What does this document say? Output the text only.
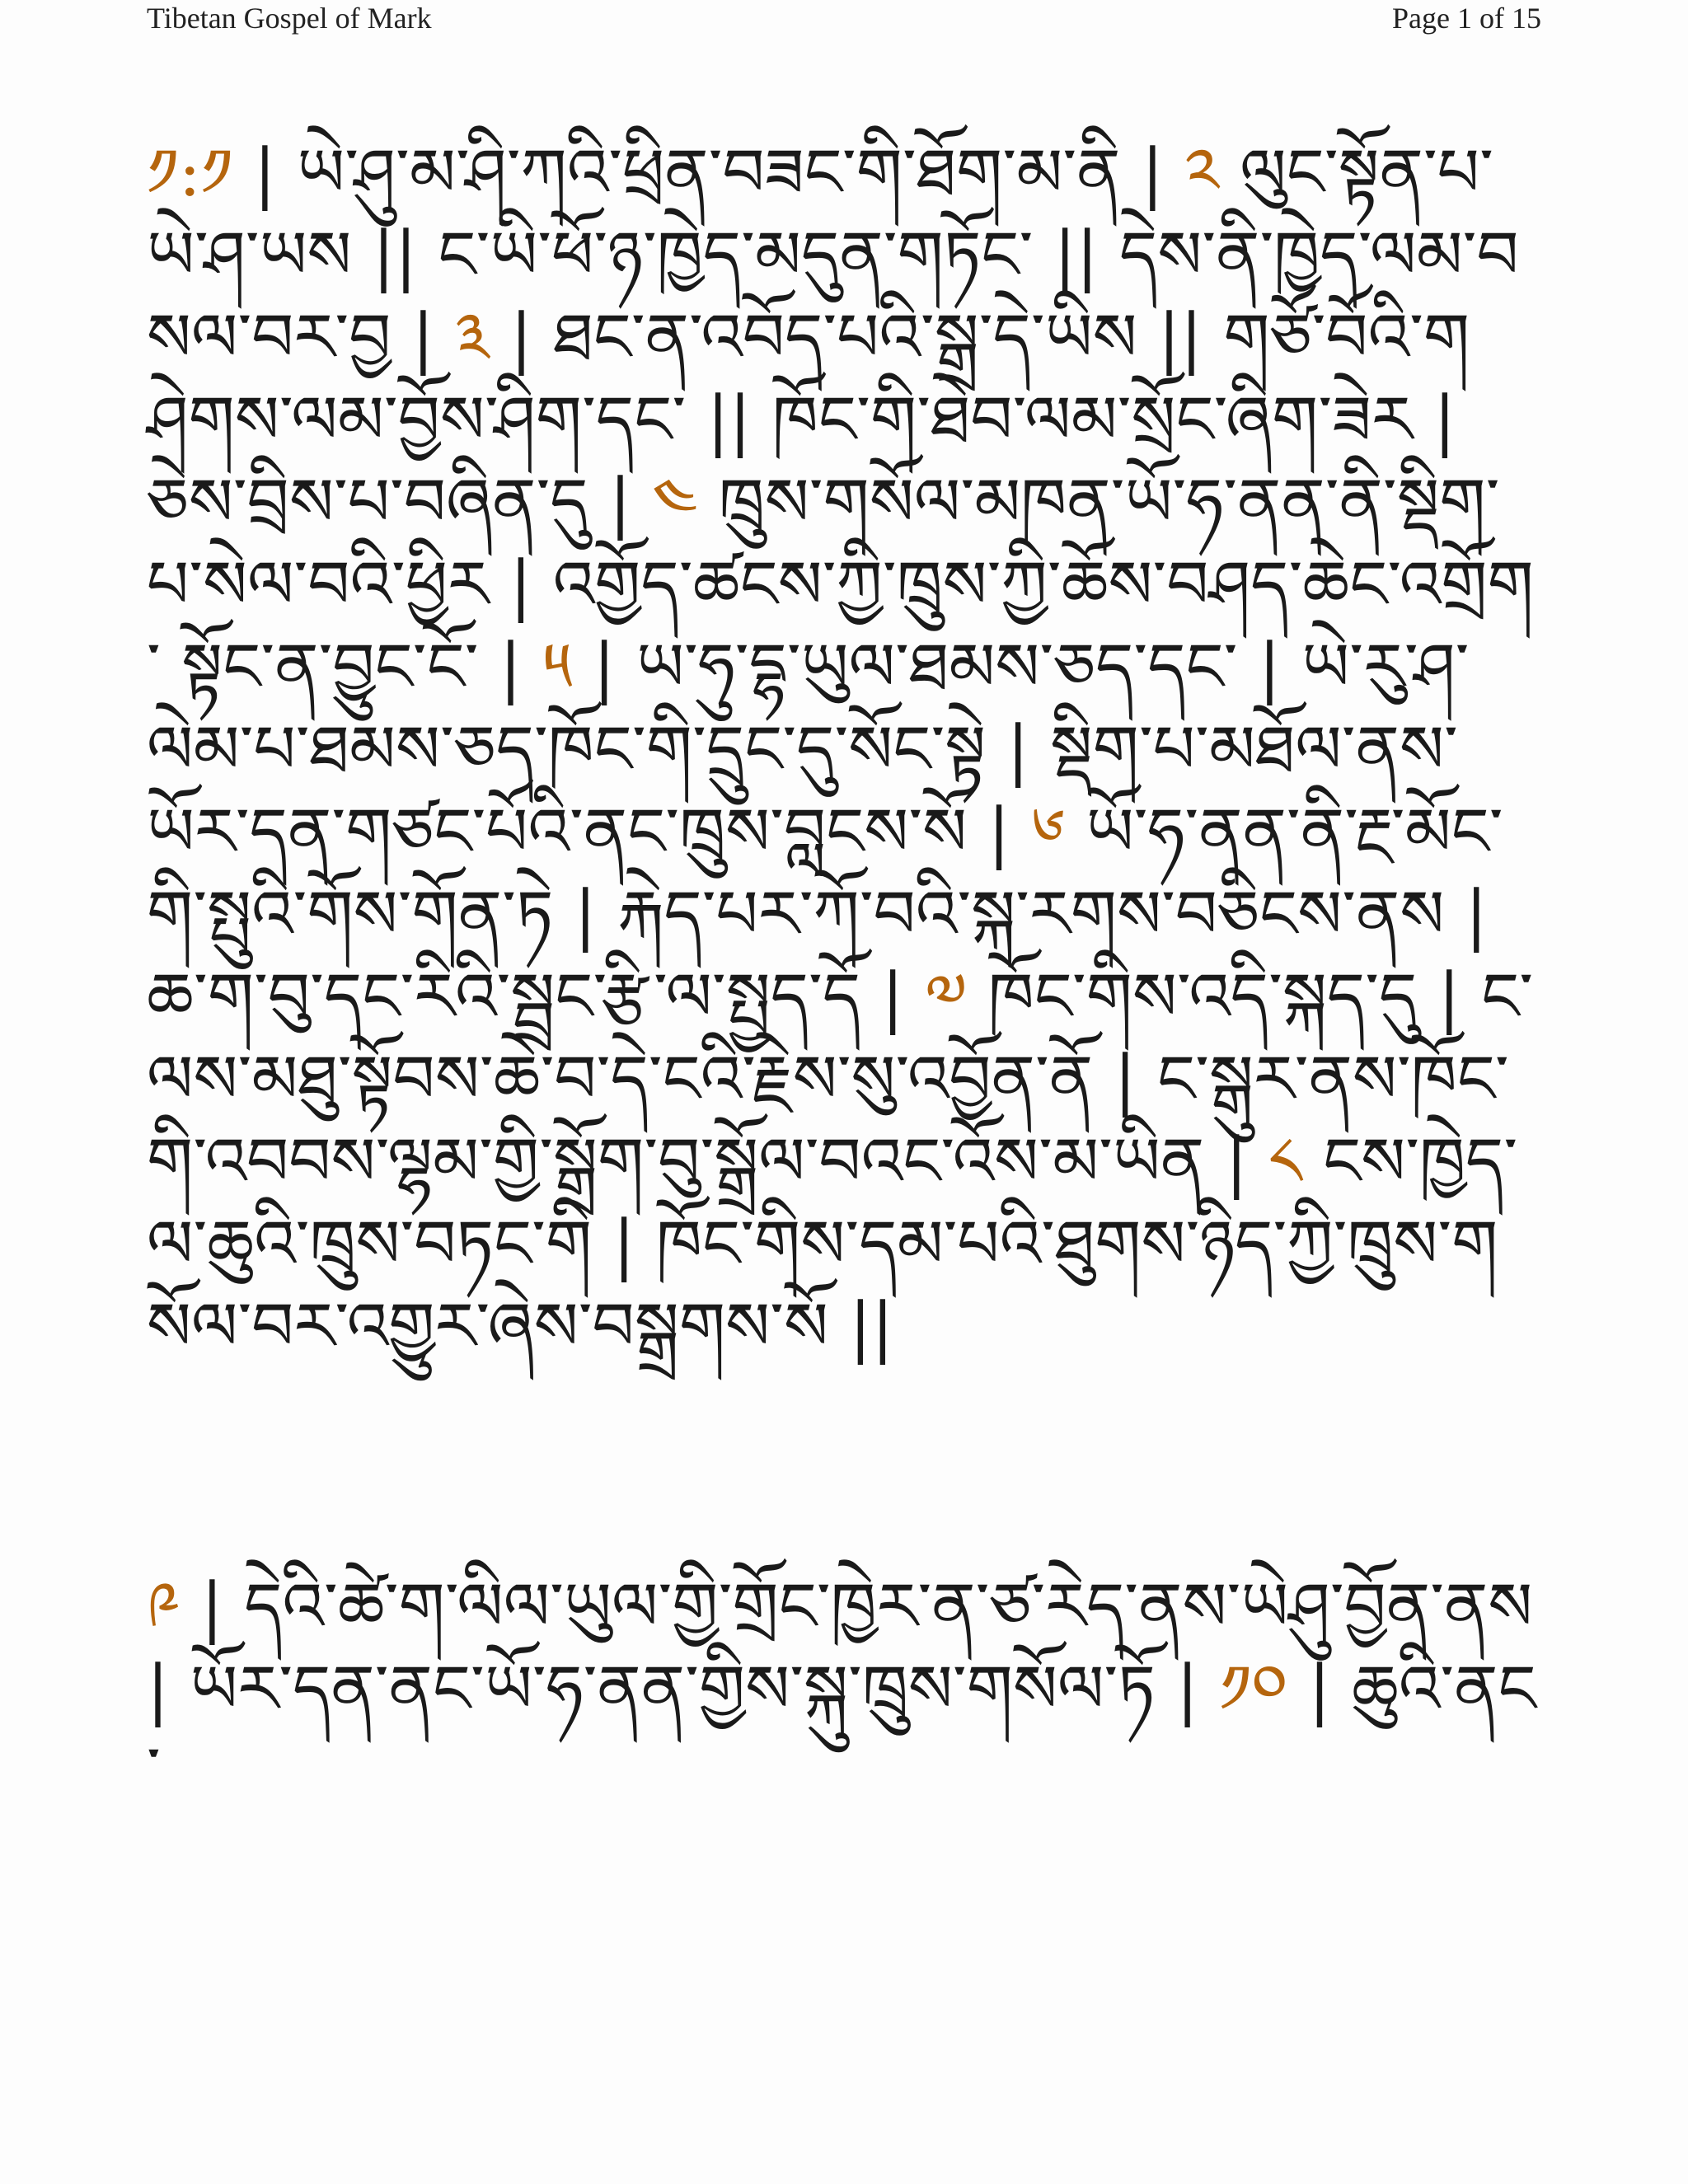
Tibetan Gospel of Mark	Page 1 of 15

༡:༡ | ཡེ་ཤུ་མ་ཤི་ཀའི་ཕྲིན་བཟང་གི་ཐོག་མ་ནི | ༢ ལུང་སྟོན་པ་ཡེ་ཤ་ཡས || ང་ཡི་ཕོ་ཉ་ཁྱེད་མདུན་གཏོང་ || དེས་ནི་ཁྱེད་ལམ་བསལ་བར་བྱ | ༣ | ཐང་ན་འབོད་པའི་སྒྲ་དེ་ཡིས || གཙོ་བོའི་གཤེགས་ལམ་བྱོས་ཤིག་དང་ || ཁོང་གི་ཐེབ་ལམ་སྲོང་ཞིག་ཟེར | ཅེས་བྲིས་པ་བཞིན་དུ | ༤ ཁྲུས་གསོལ་མཁན་ཡོ་ཧ་ནན་ནི་སྡིག་པ་སེལ་བའི་ཕྱིར | འགྱོད་ཚངས་ཀྱི་ཁྲུས་ཀྱི་ཆོས་བཤད་ཆེང་འགྲོག་ སྟོང་ན་བྱུང་ངོ་ | ༥ | ཡ་ཧུ་དྷ་ཡུལ་ཐམས་ཅད་དང་ | ཡེ་རུ་ཤ་ལེམ་པ་ཐམས་ཅད་ཁོང་གི་དྲུང་དུ་སོང་སྟེ | སྡིག་པ་མཐོལ་ནས་ཡོར་དན་གཙང་པོའི་ནང་ཁྲུས་བླངས་སོ | ༦ ཡོ་ཧ་ནན་ནི་རྔ་མོང་གི་སྤུའི་གོས་གོན་ཏེ | རྐེད་པར་ཀོ་བའི་སྐ་རགས་བཅིངས་ནས | ཆ་ག་བུ་དང་རིའི་སྦྲང་རྩི་ལ་སྤྱད་དོ | ༧ ཁོང་གིས་འདི་སྐད་དུ | ང་ལས་མཐུ་སྟོབས་ཆེ་བ་དེ་ངའི་རྗེས་སུ་འབྱོན་ནོ | ང་སྒུར་ནས་ཁོང་གི་འབབས་ལྷམ་གྱི་སྒྲོག་བུ་སྒྲོལ་བའང་འོས་མ་ཡིན | ༨ ངས་ཁྱེད་ལ་ཆུའི་ཁྲུས་བཏང་གི | ཁོང་གིས་དམ་པའི་ཐུགས་ཉིད་ཀྱི་ཁྲུས་གསོལ་བར་འགྱུར་ཞེས་བསྒྲགས་སོ ||

༩ | དེའི་ཚེ་ག་ལིལ་ཡུལ་གྱི་གྲོང་ཁྱེར་ན་ཙ་རེད་ནས་ཡེཤུ་བྱོན་ནས | ཡོར་དན་ནང་ཡོ་ཧ་ནན་གྱིས་སྐུ་ཁྲུས་གསོལ་ཏོ | ༡༠ | ཆུའི་ནང་
